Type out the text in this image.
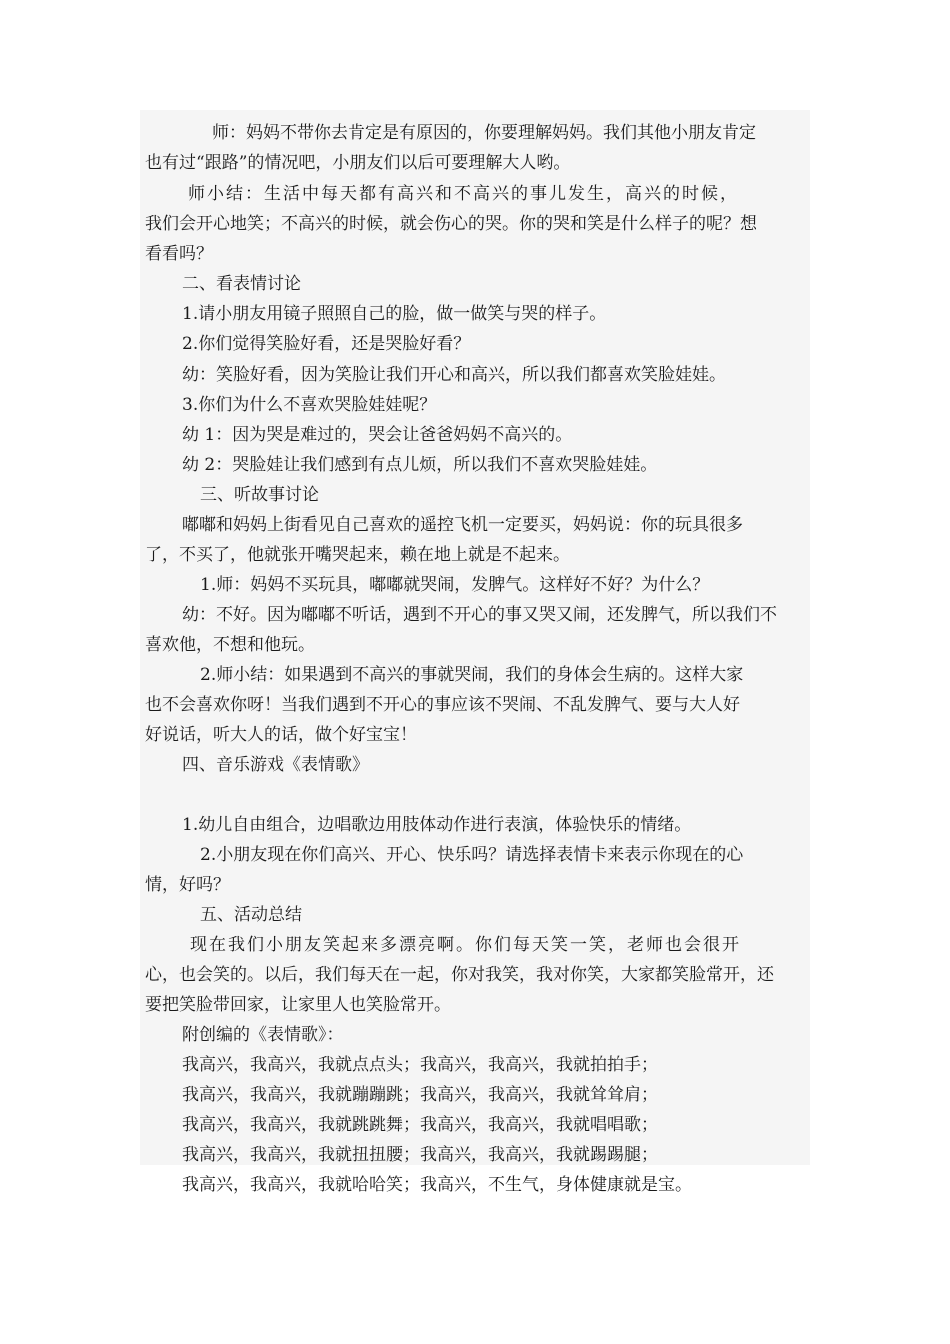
师：妈妈不带你去肯定是有原因的，你要理解妈妈。我们其他小朋友肯定
也有过“跟路”的情况吧，小朋友们以后可要理解大人哟。
师小结：生活中每天都有高兴和不高兴的事儿发生，高兴的时候，
我们会开心地笑；不高兴的时候，就会伤心的哭。你的哭和笑是什么样子的呢？想
看看吗？
二、看表情讨论
1.请小朋友用镜子照照自己的脸，做一做笑与哭的样子。
2.你们觉得笑脸好看，还是哭脸好看？
幼：笑脸好看，因为笑脸让我们开心和高兴，所以我们都喜欢笑脸娃娃。
3.你们为什么不喜欢哭脸娃娃呢？
幼 1：因为哭是难过的，哭会让爸爸妈妈不高兴的。
幼 2：哭脸娃让我们感到有点儿烦，所以我们不喜欢哭脸娃娃。
三、听故事讨论
嘟嘟和妈妈上街看见自己喜欢的遥控飞机一定要买，妈妈说：你的玩具很多
了，不买了，他就张开嘴哭起来，赖在地上就是不起来。
1.师：妈妈不买玩具，嘟嘟就哭闹，发脾气。这样好不好？为什么？
幼：不好。因为嘟嘟不听话，遇到不开心的事又哭又闹，还发脾气，所以我们不
喜欢他，不想和他玩。
2.师小结：如果遇到不高兴的事就哭闹，我们的身体会生病的。这样大家
也不会喜欢你呀！当我们遇到不开心的事应该不哭闹、不乱发脾气、要与大人好
好说话，听大人的话，做个好宝宝！
四、音乐游戏《表情歌》
1.幼儿自由组合，边唱歌边用肢体动作进行表演，体验快乐的情绪。
2.小朋友现在你们高兴、开心、快乐吗？请选择表情卡来表示你现在的心
情，好吗？
五、活动总结
现在我们小朋友笑起来多漂亮啊。你们每天笑一笑，老师也会很开
心，也会笑的。以后，我们每天在一起，你对我笑，我对你笑，大家都笑脸常开，还
要把笑脸带回家，让家里人也笑脸常开。
附创编的《表情歌》：
我高兴，我高兴，我就点点头；我高兴，我高兴，我就拍拍手；
我高兴，我高兴，我就蹦蹦跳；我高兴，我高兴，我就耸耸肩；
我高兴，我高兴，我就跳跳舞；我高兴，我高兴，我就唱唱歌；
我高兴，我高兴，我就扭扭腰；我高兴，我高兴，我就踢踢腿；
我高兴，我高兴，我就哈哈笑；我高兴，不生气，身体健康就是宝。
